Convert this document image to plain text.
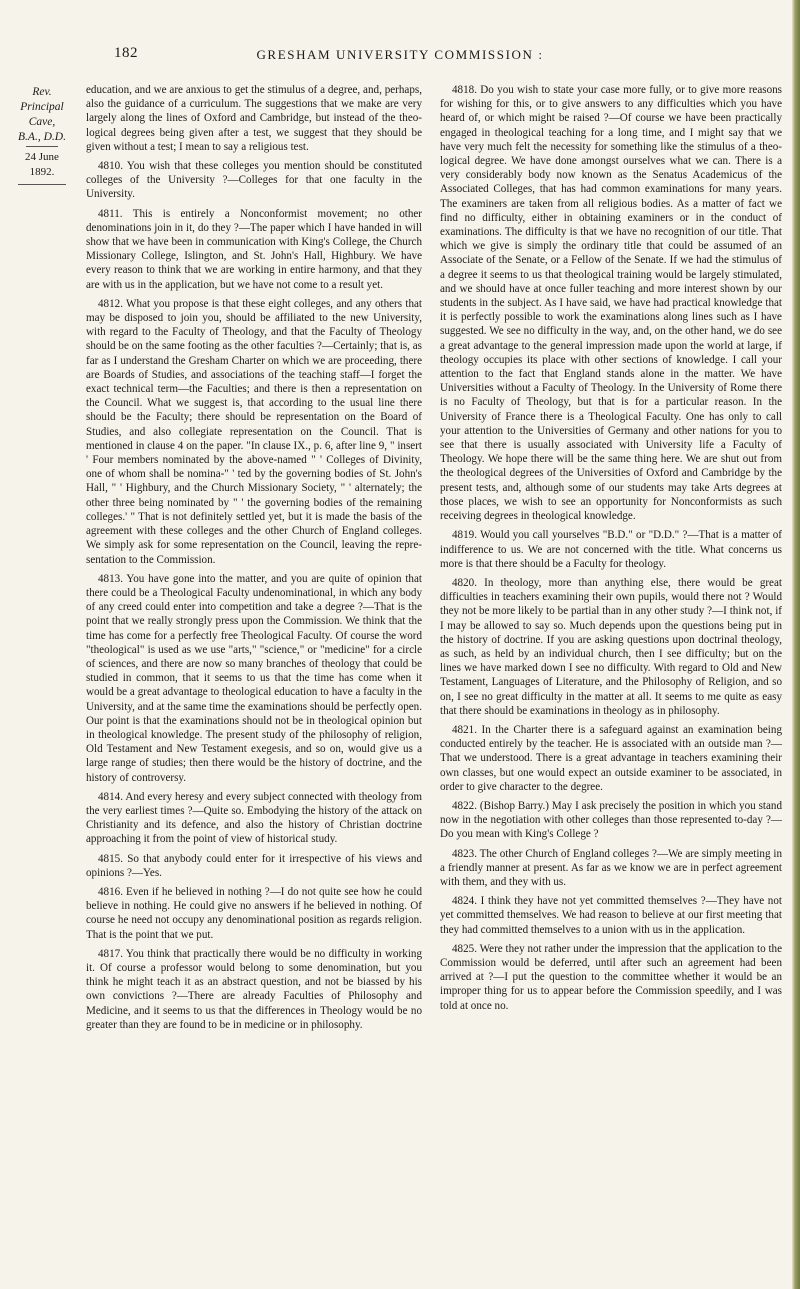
182	GRESHAM UNIVERSITY COMMISSION :
Rev. Principal Cave, B.A., D.D.
24 June 1892.

education, and we are anxious to get the stimulus of a degree, and, perhaps, also the guidance of a curriculum. The suggestions that we make are very largely along the lines of Oxford and Cambridge, but instead of the theological degrees being given after a test, we suggest that they should be given without a test; I mean to say a religious test.

4810. You wish that these colleges you mention should be constituted colleges of the University ?—Colleges for that one faculty in the University.

4811. This is entirely a Nonconformist movement; no other denominations join in it, do they ?—The paper which I have handed in will show that we have been in communication with King's College, the Church Missionary College, Islington, and St. John's Hall, Highbury. We have every reason to think that we are working in entire harmony, and that they are with us in the application, but we have not come to a result yet.

4812. What you propose is that these eight colleges, and any others that may be disposed to join you, should be affiliated to the new University, with regard to the Faculty of Theology, and that the Faculty of Theology should be on the same footing as the other faculties ?—Certainly; that is, as far as I understand the Gresham Charter on which we are proceeding, there are Boards of Studies, and associations of the teaching staff—I forget the exact technical term—the Faculties; and there is then a representation on the Council. What we suggest is, that according to the usual line there should be the Faculty; there should be representation on the Board of Studies, and also collegiate representation on the Council. That is mentioned in clause 4 on the paper. "In clause IX., p. 6, after line 9, " insert ' Four members nominated by the above-named " ' Colleges of Divinity, one of whom shall be nomina-" ' ted by the governing bodies of St. John's Hall, " ' Highbury, and the Church Missionary Society, " ' alternately; the other three being nominated by " ' the governing bodies of the remaining colleges.' " That is not definitely settled yet, but it is made the basis of the agreement with these colleges and the other Church of England colleges. We simply ask for some representation on the Council, leaving the representation to the Commission.

4813. You have gone into the matter, and you are quite of opinion that there could be a Theological Faculty undenominational, in which any body of any creed could enter into competition and take a degree ?—That is the point that we really strongly press upon the Commission. We think that the time has come for a perfectly free Theological Faculty. Of course the word "theological" is used as we use "arts," "science," or "medicine" for a circle of sciences, and there are now so many branches of theology that could be studied in common, that it seems to us that the time has come when it would be a great advantage to theological education to have a faculty in the University, and at the same time the examinations should be perfectly open. Our point is that the examinations should not be in theological opinion but in theological knowledge. The present study of the philosophy of religion, Old Testament and New Testament exegesis, and so on, would give us a large range of studies; then there would be the history of doctrine, and the history of controversy.

4814. And every heresy and every subject connected with theology from the very earliest times ?—Quite so. Embodying the history of the attack on Christianity and its defence, and also the history of Christian doctrine approaching it from the point of view of historical study.

4815. So that anybody could enter for it irrespective of his views and opinions ?—Yes.

4816. Even if he believed in nothing ?—I do not quite see how he could believe in nothing. He could give no answers if he believed in nothing. Of course he need not occupy any denominational position as regards religion. That is the point that we put.

4817. You think that practically there would be no difficulty in working it. Of course a professor would belong to some denomination, but you think he might teach it as an abstract question, and not be biassed by his own convictions ?—There are already Faculties of Philosophy and Medicine, and it seems to us that the differences in Theology would be no greater than they are found to be in medicine or in philosophy.

4818. Do you wish to state your case more fully, or to give more reasons for wishing for this, or to give answers to any difficulties which you have heard of, or which might be raised ?—Of course we have been practically engaged in theological teaching for a long time, and I might say that we have very much felt the necessity for something like the stimulus of a theological degree. We have done amongst ourselves what we can. There is a very considerably body now known as the Senatus Academicus of the Associated Colleges, that has had common examinations for many years. The examiners are taken from all religious bodies. As a matter of fact we find no difficulty, either in obtaining examiners or in the conduct of examinations. The difficulty is that we have no recognition of our title. That which we give is simply the ordinary title that could be assumed of an Associate of the Senate, or a Fellow of the Senate. If we had the stimulus of a degree it seems to us that theological training would be largely stimulated, and we should have at once fuller teaching and more interest shown by our students in the subject. As I have said, we have had practical knowledge that it is perfectly possible to work the examinations along lines such as I have suggested. We see no difficulty in the way, and, on the other hand, we do see a great advantage to the general impression made upon the world at large, if theology occupies its place with other sections of knowledge. I call your attention to the fact that England stands alone in the matter. We have Universities without a Faculty of Theology. In the University of Rome there is no Faculty of Theology, but that is for a particular reason. In the University of France there is a Theological Faculty. One has only to call your attention to the Universities of Germany and other nations for you to see that there is usually associated with University life a Faculty of Theology. We hope there will be the same thing here. We are shut out from the theological degrees of the Universities of Oxford and Cambridge by the present tests, and, although some of our students may take Arts degrees at those places, we wish to see an opportunity for Nonconformists as such receiving degrees in theological knowledge.

4819. Would you call yourselves "B.D." or "D.D." ?—That is a matter of indifference to us. We are not concerned with the title. What concerns us more is that there should be a Faculty for theology.

4820. In theology, more than anything else, there would be great difficulties in teachers examining their own pupils, would there not ? Would they not be more likely to be partial than in any other study ?—I think not, if I may be allowed to say so. Much depends upon the questions being put in the history of doctrine. If you are asking questions upon doctrinal theology, as such, as held by an individual church, then I see difficulty; but on the lines we have marked down I see no difficulty. With regard to Old and New Testament, Languages of Literature, and the Philosophy of Religion, and so on, I see no great difficulty in the matter at all. It seems to me quite as easy that there should be examinations in theology as in philosophy.

4821. In the Charter there is a safeguard against an examination being conducted entirely by the teacher. He is associated with an outside man ?—That we understood. There is a great advantage in teachers examining their own classes, but one would expect an outside examiner to be associated, in order to give character to the degree.

4822. (Bishop Barry.) May I ask precisely the position in which you stand now in the negotiation with other colleges than those represented to-day ?—Do you mean with King's College ?

4823. The other Church of England colleges ?—We are simply meeting in a friendly manner at present. As far as we know we are in perfect agreement with them, and they with us.

4824. I think they have not yet committed themselves ?—They have not yet committed themselves. We had reason to believe at our first meeting that they had committed themselves to a union with us in the application.

4825. Were they not rather under the impression that the application to the Commission would be deferred, until after such an agreement had been arrived at ?—I put the question to the committee whether it would be an improper thing for us to appear before the Commission speedily, and I was told at once no.
